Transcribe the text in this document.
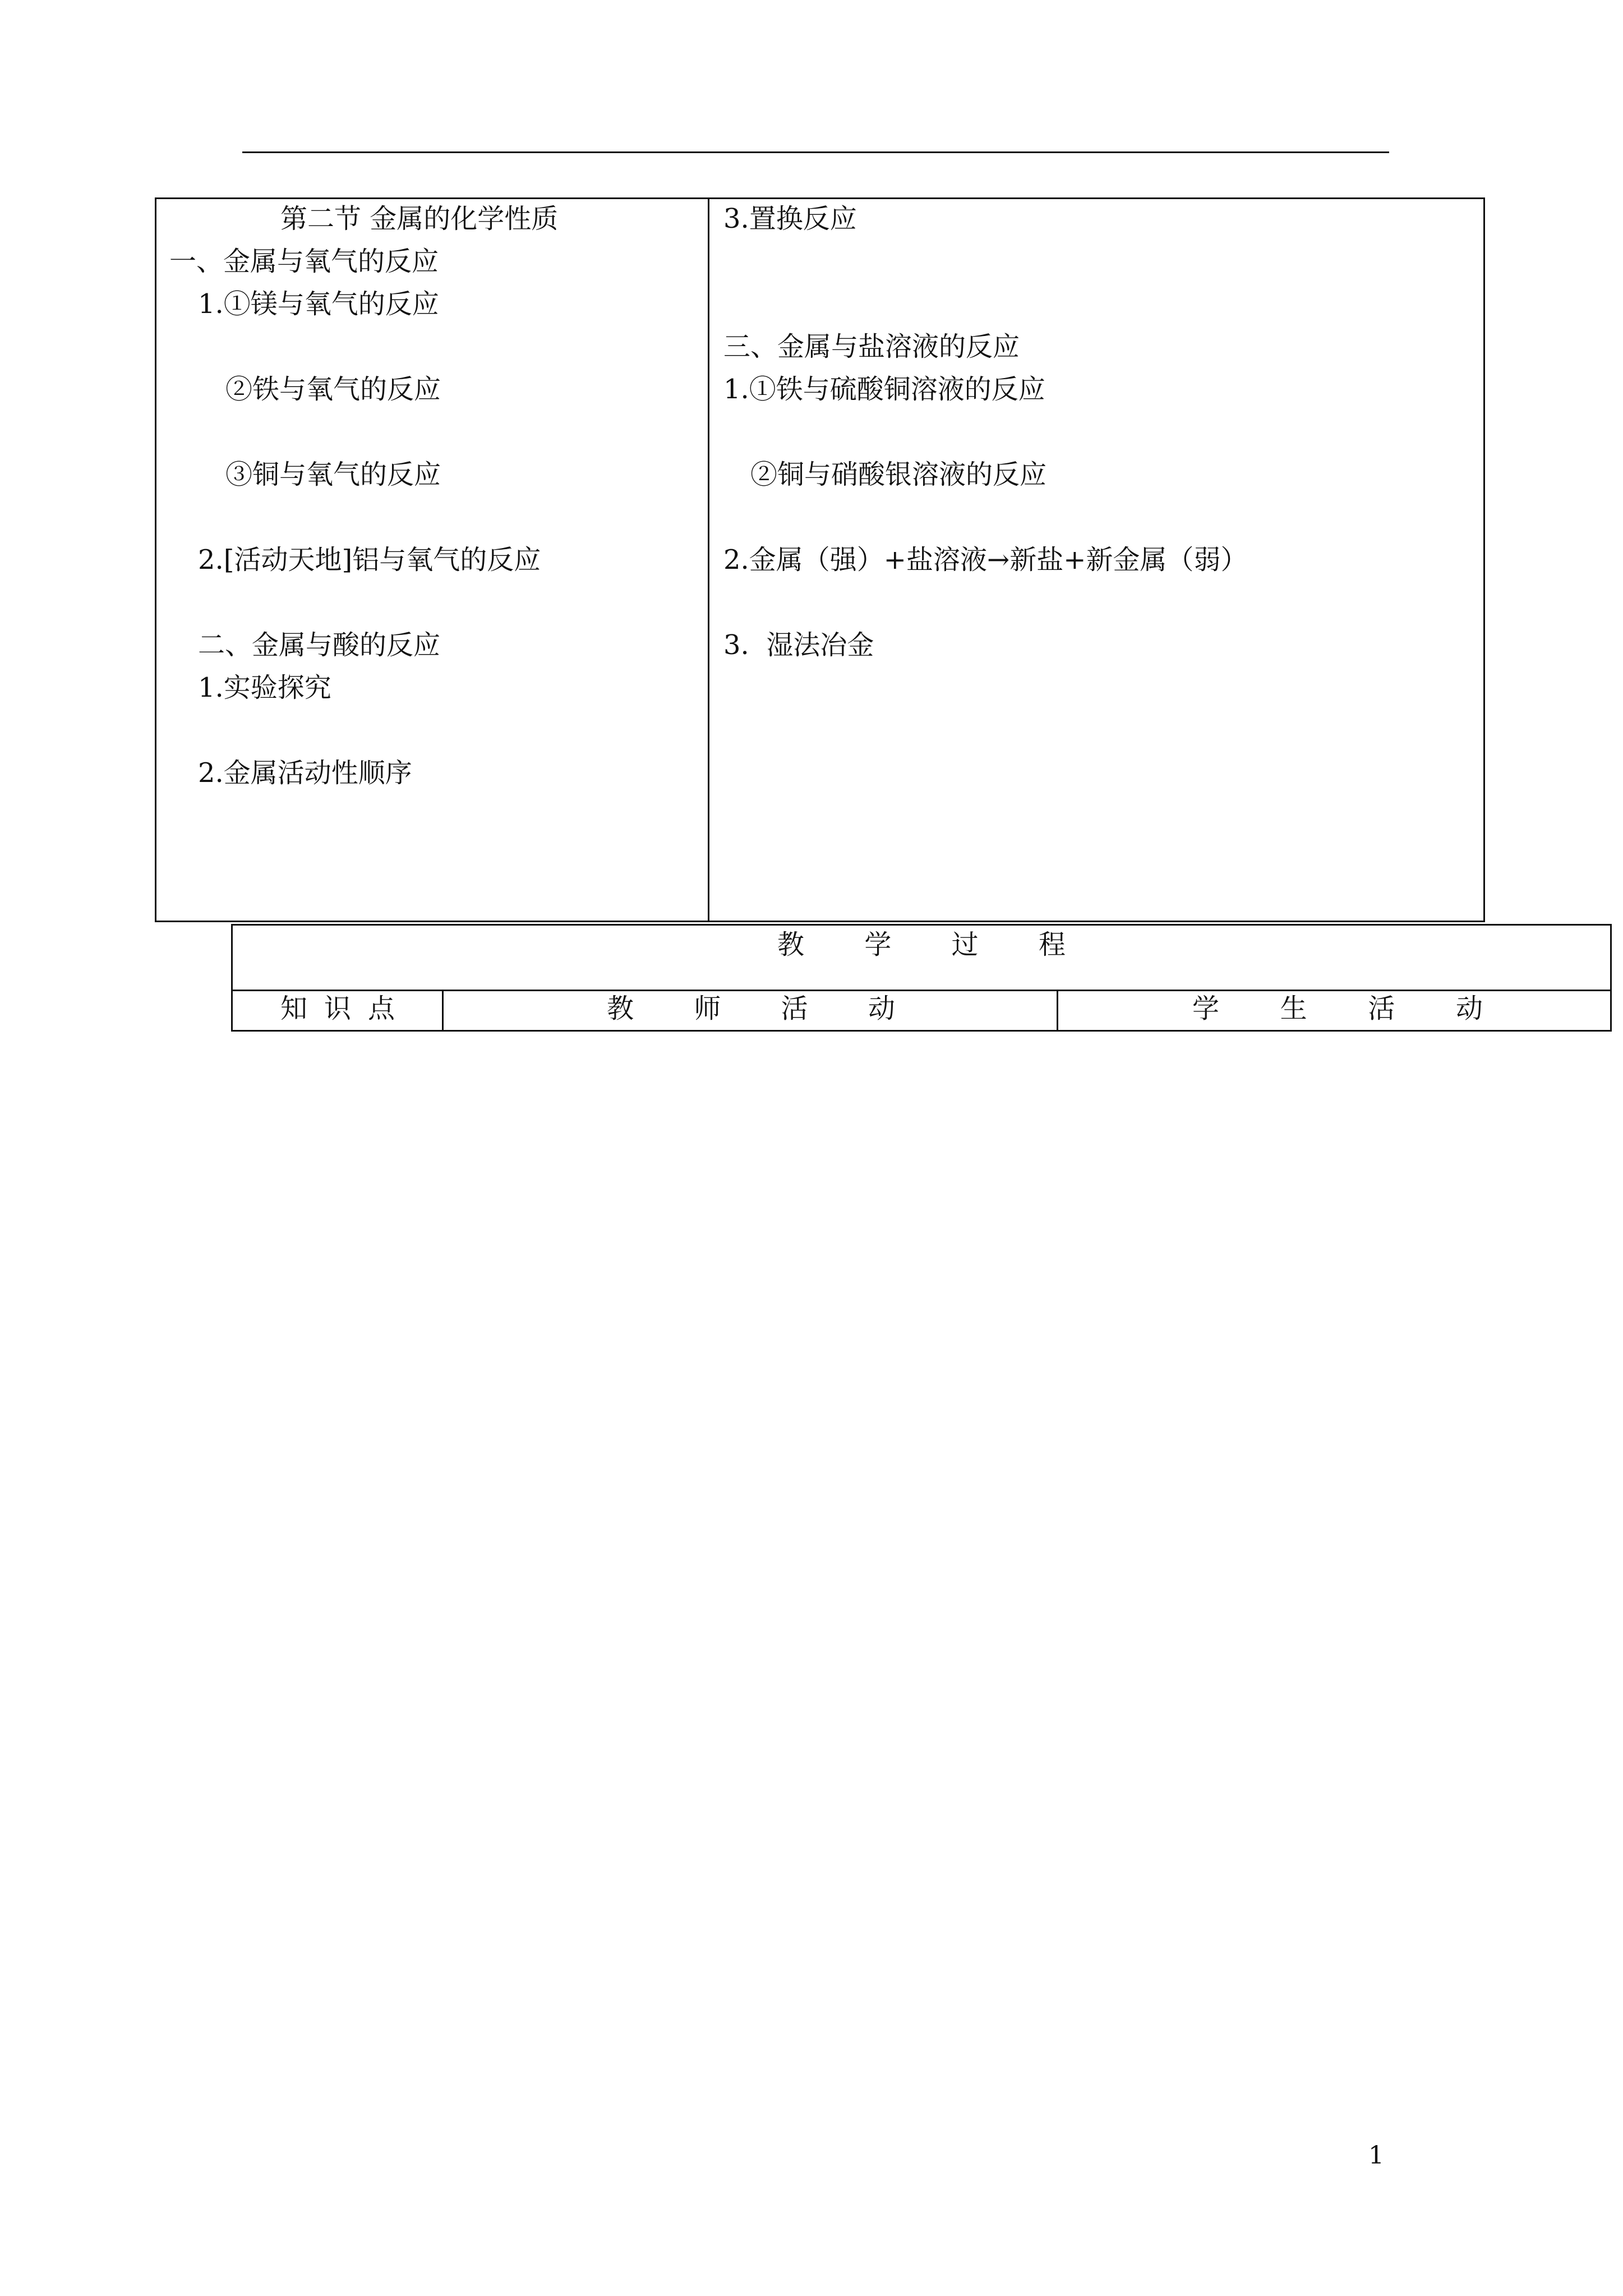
第二节 金属的化学性质
一、金属与氧气的反应
1.①镁与氧气的反应
②铁与氧气的反应
③铜与氧气的反应
2.[活动天地]铝与氧气的反应
二、金属与酸的反应
1.实验探究
2.金属活动性顺序
3.置换反应
三、金属与盐溶液的反应
1.①铁与硫酸铜溶液的反应
②铜与硝酸银溶液的反应
2.金属（强）+盐溶液→新盐+新金属（弱）
3.  湿法冶金
教 学 过 程
知 识 点	教 师 活 动	学 生 活 动
1
